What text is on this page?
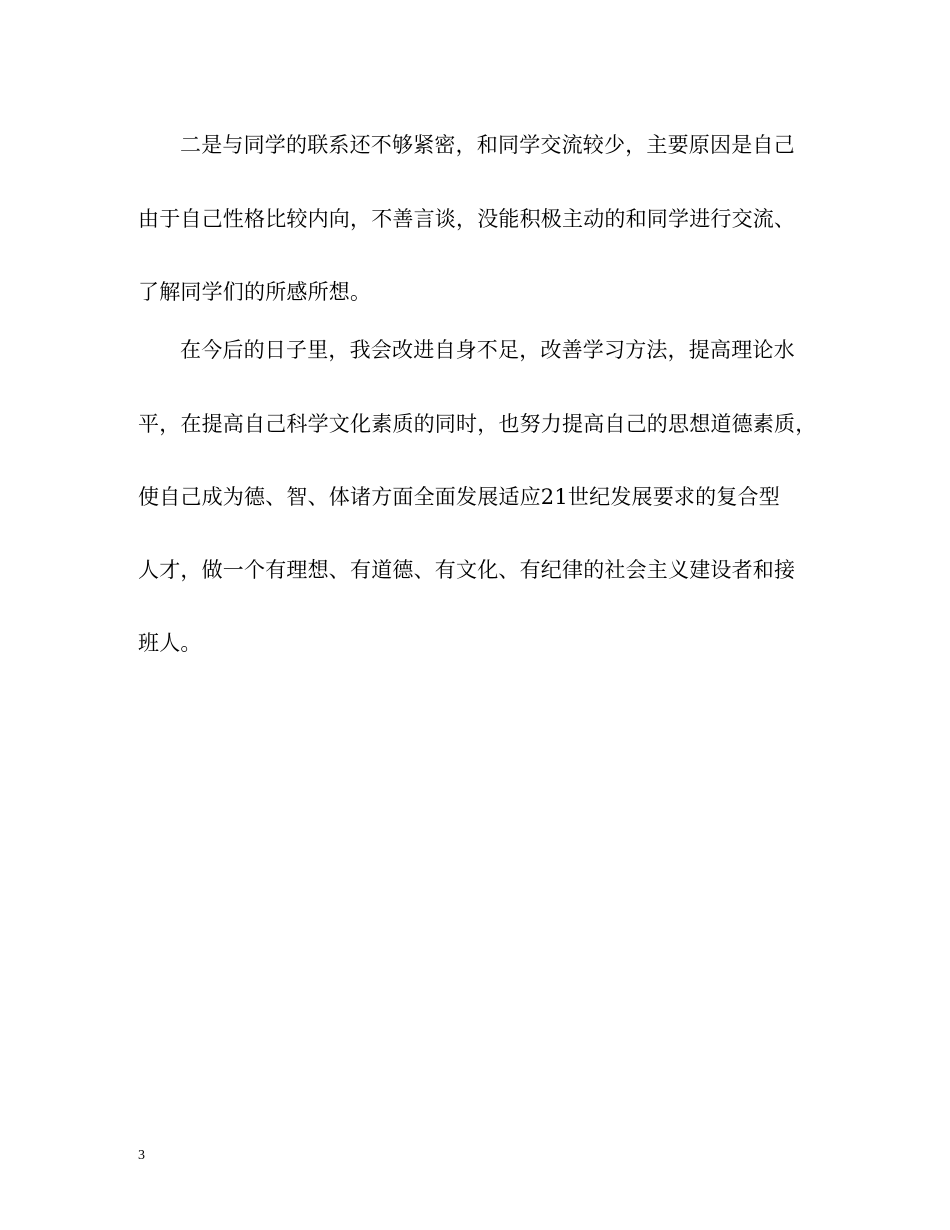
二是与同学的联系还不够紧密，和同学交流较少，主要原因是自己
由于自己性格比较内向，不善言谈，没能积极主动的和同学进行交流、
了解同学们的所感所想。
在今后的日子里，我会改进自身不足，改善学习方法，提高理论水
平，在提高自己科学文化素质的同时，也努力提高自己的思想道德素质，
使自己成为德、智、体诸方面全面发展适应21世纪发展要求的复合型
人才，做一个有理想、有道德、有文化、有纪律的社会主义建设者和接
班人。
3
